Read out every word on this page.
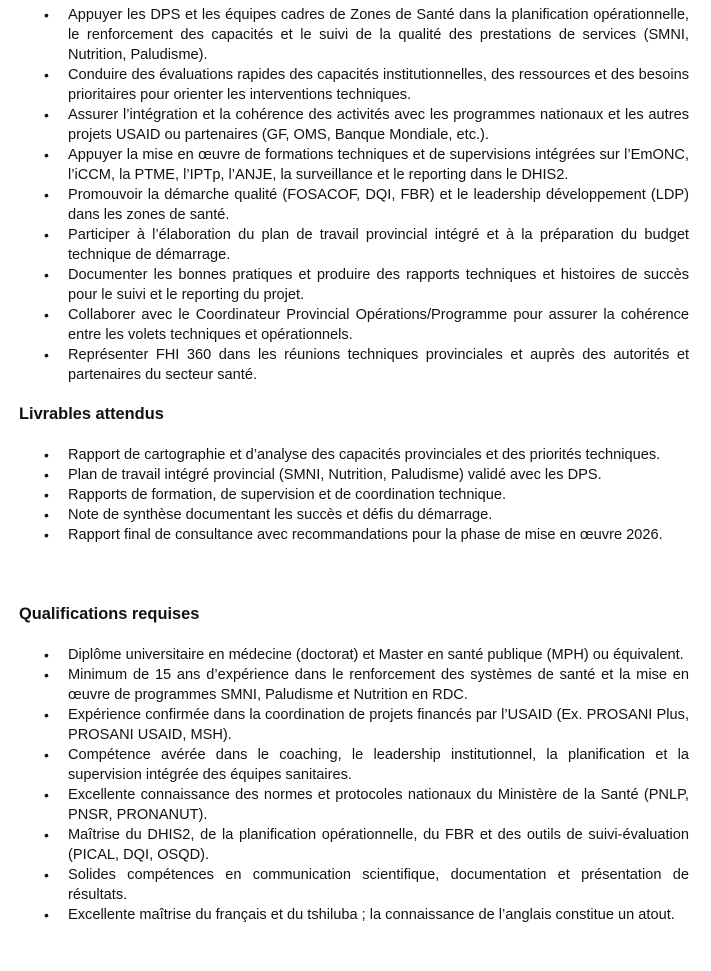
• Appuyer les DPS et les équipes cadres de Zones de Santé dans la planification opérationnelle, le renforcement des capacités et le suivi de la qualité des prestations de services (SMNI, Nutrition, Paludisme).
• Conduire des évaluations rapides des capacités institutionnelles, des ressources et des besoins prioritaires pour orienter les interventions techniques.
• Assurer l’intégration et la cohérence des activités avec les programmes nationaux et les autres projets USAID ou partenaires (GF, OMS, Banque Mondiale, etc.).
• Appuyer la mise en œuvre de formations techniques et de supervisions intégrées sur l’EmONC, l’iCCM, la PTME, l’IPTp, l’ANJE, la surveillance et le reporting dans le DHIS2.
• Promouvoir la démarche qualité (FOSACOF, DQI, FBR) et le leadership développement (LDP) dans les zones de santé.
• Participer à l’élaboration du plan de travail provincial intégré et à la préparation du budget technique de démarrage.
• Documenter les bonnes pratiques et produire des rapports techniques et histoires de succès pour le suivi et le reporting du projet.
• Collaborer avec le Coordinateur Provincial Opérations/Programme pour assurer la cohérence entre les volets techniques et opérationnels.
• Représenter FHI 360 dans les réunions techniques provinciales et auprès des autorités et partenaires du secteur santé.
Livrables attendus
• Rapport de cartographie et d’analyse des capacités provinciales et des priorités techniques.
• Plan de travail intégré provincial (SMNI, Nutrition, Paludisme) validé avec les DPS.
• Rapports de formation, de supervision et de coordination technique.
• Note de synthèse documentant les succès et défis du démarrage.
• Rapport final de consultance avec recommandations pour la phase de mise en œuvre 2026.
Qualifications requises
• Diplôme universitaire en médecine (doctorat) et Master en santé publique (MPH) ou équivalent.
• Minimum de 15 ans d’expérience dans le renforcement des systèmes de santé et la mise en œuvre de programmes SMNI, Paludisme et Nutrition en RDC.
• Expérience confirmée dans la coordination de projets financés par l’USAID (Ex. PROSANI Plus, PROSANI USAID, MSH).
• Compétence avérée dans le coaching, le leadership institutionnel, la planification et la supervision intégrée des équipes sanitaires.
• Excellente connaissance des normes et protocoles nationaux du Ministère de la Santé (PNLP, PNSR, PRONANUT).
• Maîtrise du DHIS2, de la planification opérationnelle, du FBR et des outils de suivi-évaluation (PICAL, DQI, OSQD).
• Solides compétences en communication scientifique, documentation et présentation de résultats.
• Excellente maîtrise du français et du tshiluba ; la connaissance de l’anglais constitue un atout.
